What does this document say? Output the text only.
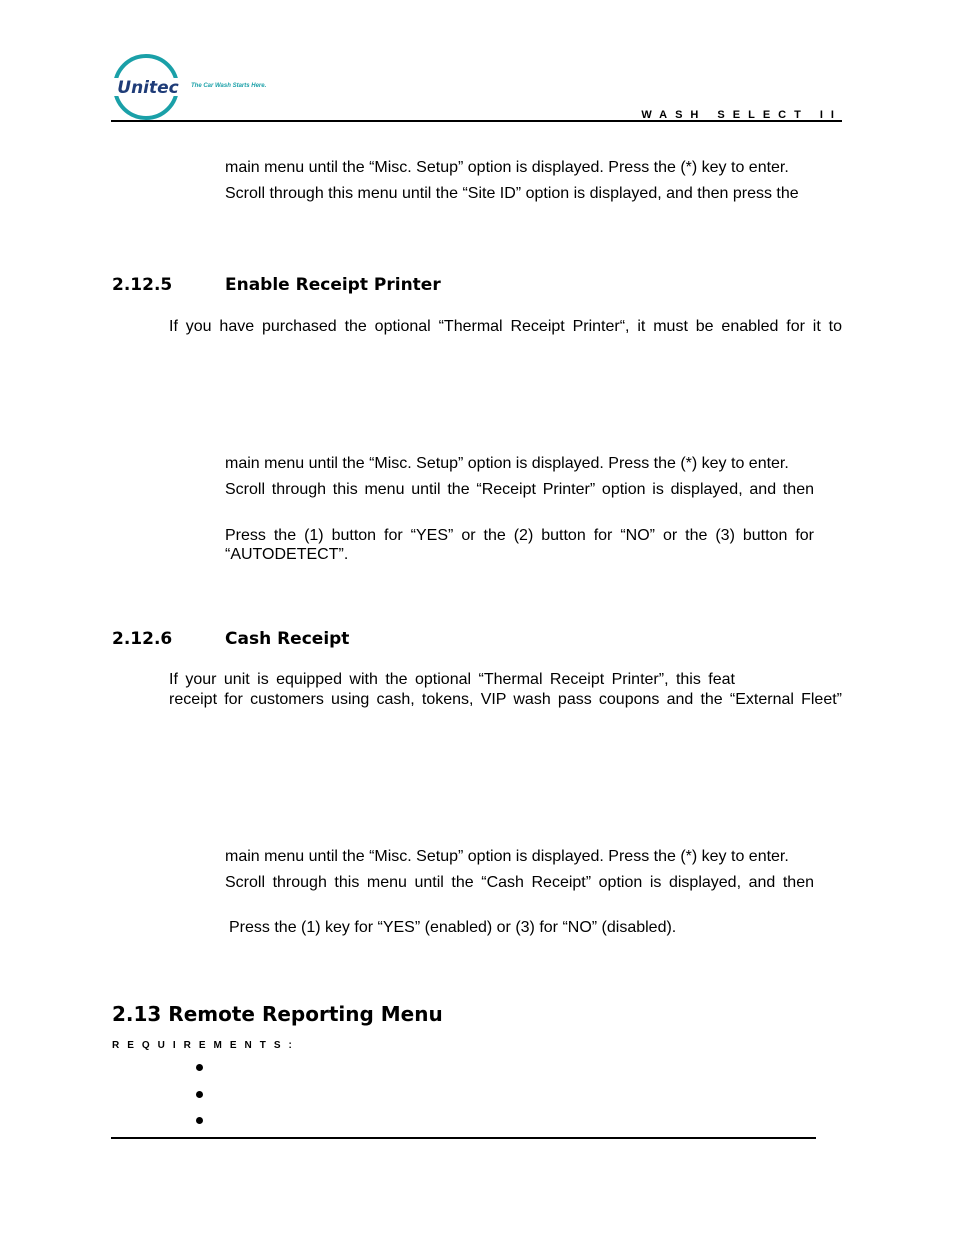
Unitec The Car Wash Starts Here.
WASH SELECT II
main menu until the “Misc. Setup” option is displayed. Press the (*) key to enter.
Scroll through this menu until the “Site ID” option is displayed, and then press the
2.12.5	Enable Receipt Printer
If you have purchased the optional “Thermal Receipt Printer“, it must be enabled for it to
main menu until the “Misc. Setup” option is displayed. Press the (*) key to enter.
Scroll through this menu until the “Receipt Printer” option is displayed, and then
Press the (1) button for “YES” or the (2) button for “NO” or the (3) button for
“AUTODETECT”.
2.12.6	Cash Receipt
If your unit is equipped with the optional “Thermal Receipt Printer”, this feat
receipt for customers using cash, tokens, VIP wash pass coupons and the “External Fleet”
main menu until the “Misc. Setup” option is displayed. Press the (*) key to enter.
Scroll through this menu until the “Cash Receipt” option is displayed, and then
Press the (1) key for “YES” (enabled) or (3) for “NO” (disabled).
2.13 Remote Reporting Menu
REQUIREMENTS:
